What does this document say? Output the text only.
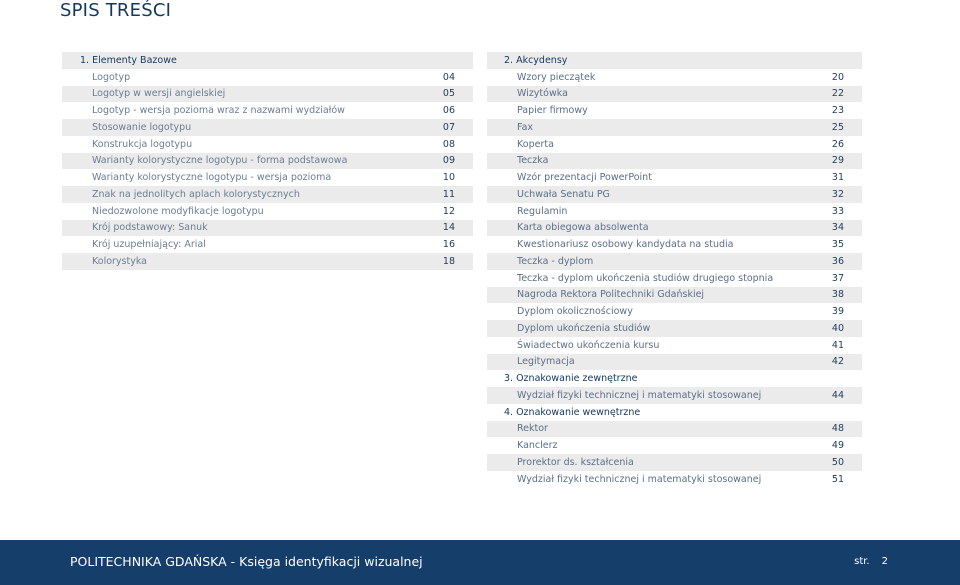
SPIS TREŚCI
1. Elementy Bazowe
Logotyp	04
Logotyp w wersji angielskiej	05
Logotyp - wersja pozioma wraz z nazwami wydziałów	06
Stosowanie logotypu	07
Konstrukcja logotypu	08
Warianty kolorystyczne logotypu - forma podstawowa	09
Warianty kolorystyczne logotypu - wersja pozioma	10
Znak na jednolitych aplach kolorystycznych	11
Niedozwolone modyfikacje logotypu	12
Krój podstawowy: Sanuk	14
Krój uzupełniający: Arial	16
Kolorystyka	18
2. Akcydensy
Wzory pieczątek	20
Wizytówka	22
Papier firmowy	23
Fax	25
Koperta	26
Teczka	29
Wzór prezentacji PowerPoint	31
Uchwała Senatu PG	32
Regulamin	33
Karta obiegowa absolwenta	34
Kwestionariusz osobowy kandydata na studia	35
Teczka - dyplom	36
Teczka - dyplom ukończenia studiów drugiego stopnia	37
Nagroda Rektora Politechniki Gdańskiej	38
Dyplom okolicznościowy	39
Dyplom ukończenia studiów	40
Świadectwo ukończenia kursu	41
Legitymacja	42
3. Oznakowanie zewnętrzne
Wydział fizyki technicznej i matematyki stosowanej	44
4. Oznakowanie wewnętrzne
Rektor	48
Kanclerz	49
Prorektor ds. kształcenia	50
Wydział fizyki technicznej i matematyki stosowanej	51
POLITECHNIKA GDAŃSKA - Księga identyfikacji wizualnej	str. 2
